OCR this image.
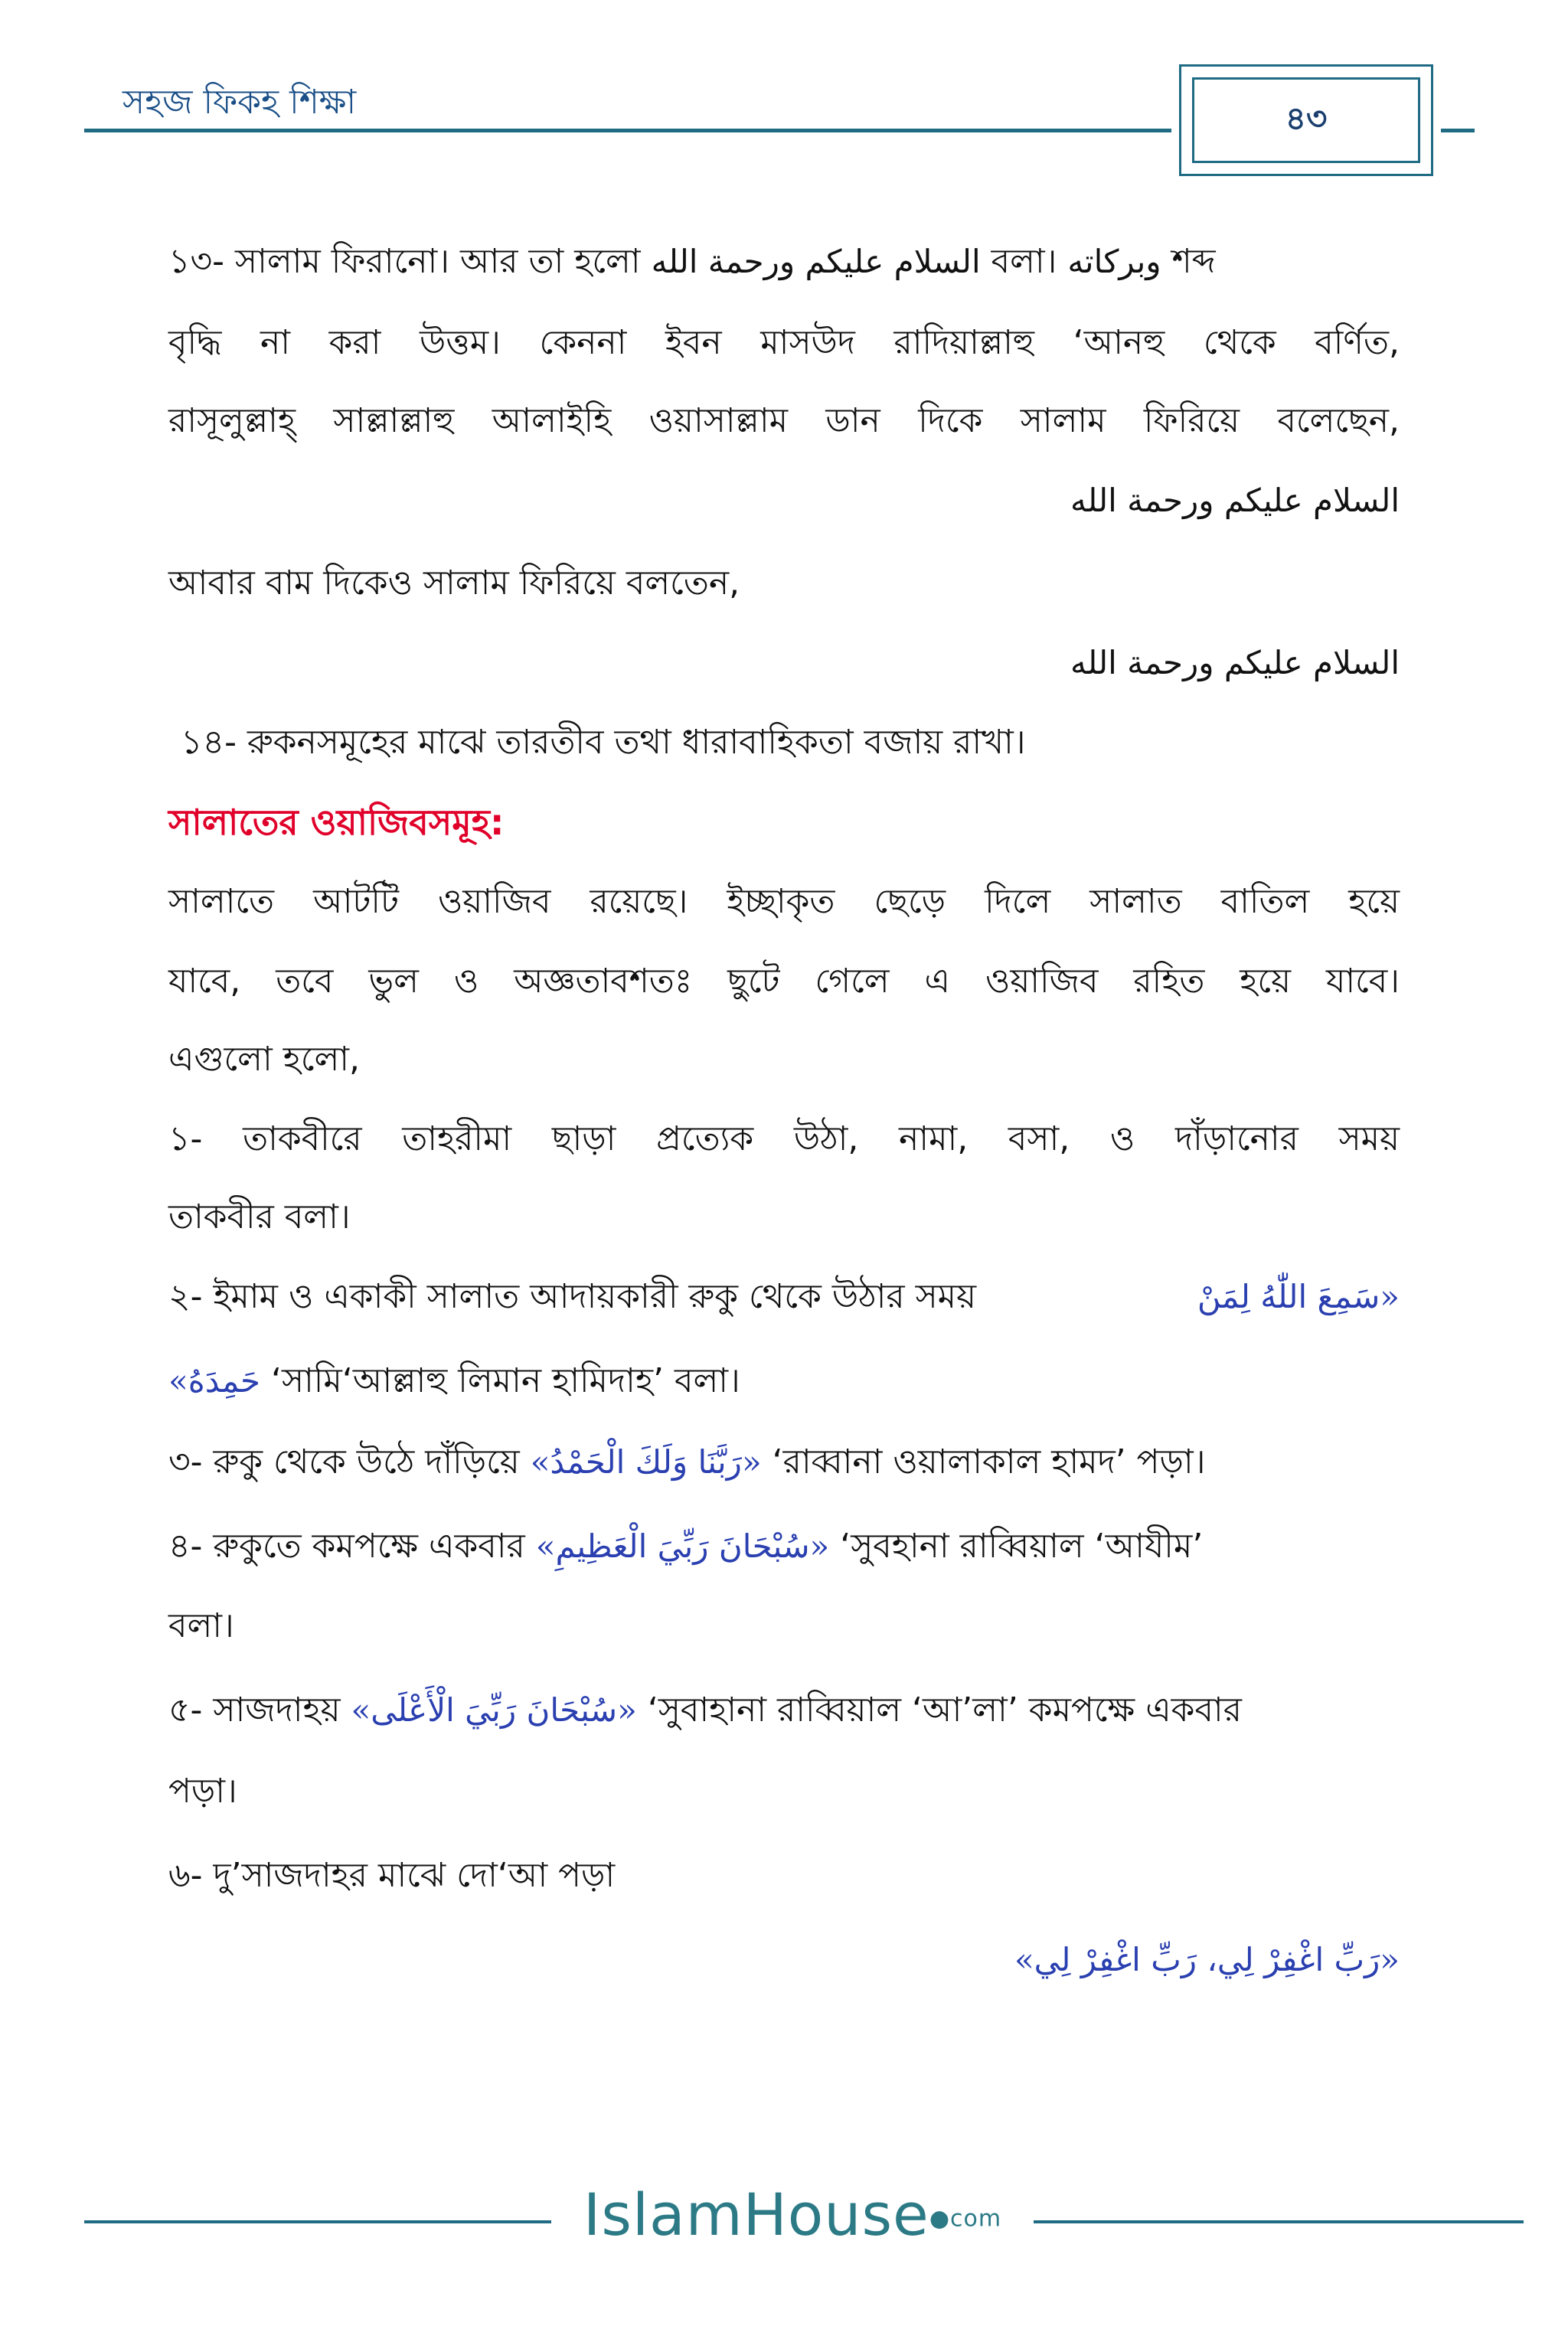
সহজ ফিকহ শিক্ষা	৪৩
১৩- সালাম ফিরানো। আর তা হলো السلام عليكم ورحمة الله বলা। وبركاته শব্দ
বৃদ্ধি না করা উত্তম। কেননা ইবন মাসউদ রাদিয়াল্লাহু ‘আনহু থেকে বর্ণিত,
রাসূলুল্লাহ্‌ সাল্লাল্লাহু আলাইহি ওয়াসাল্লাম ডান দিকে সালাম ফিরিয়ে বলেছেন,
السلام عليكم ورحمة الله
আবার বাম দিকেও সালাম ফিরিয়ে বলতেন,
السلام عليكم ورحمة الله
১৪- রুকনসমূহের মাঝে তারতীব তথা ধারাবাহিকতা বজায় রাখা।
সালাতের ওয়াজিবসমূহ:
সালাতে আটটি ওয়াজিব রয়েছে। ইচ্ছাকৃত ছেড়ে দিলে সালাত বাতিল হয়ে
যাবে, তবে ভুল ও অজ্ঞতাবশতঃ ছুটে গেলে এ ওয়াজিব রহিত হয়ে যাবে।
এগুলো হলো,
১- তাকবীরে তাহরীমা ছাড়া প্রত্যেক উঠা, নামা, বসা, ও দাঁড়ানোর সময়
তাকবীর বলা।
২- ইমাম ও একাকী সালাত আদায়কারী রুকু থেকে উঠার সময়	«سَمِعَ اللّٰهُ لِمَنْ
حَمِدَهُ» ‘সামি‘আল্লাহু লিমান হামিদাহ’ বলা।
৩- রুকু থেকে উঠে দাঁড়িয়ে «رَبَّنَا وَلَكَ الْحَمْدُ» ‘রাব্বানা ওয়ালাকাল হামদ’ পড়া।
৪- রুকুতে কমপক্ষে একবার «سُبْحَانَ رَبِّيَ الْعَظِيمِ» ‘সুবহানা রাব্বিয়াল ‘আযীম’
বলা।
৫- সাজদাহয় «سُبْحَانَ رَبِّيَ الْأَعْلَى» ‘সুবাহানা রাব্বিয়াল ‘আ’লা’ কমপক্ষে একবার
পড়া।
৬- দু’সাজদাহর মাঝে দো‘আ পড়া
«رَبِّ اغْفِرْ لِي، رَبِّ اغْفِرْ لِي»
IslamHouse●com
